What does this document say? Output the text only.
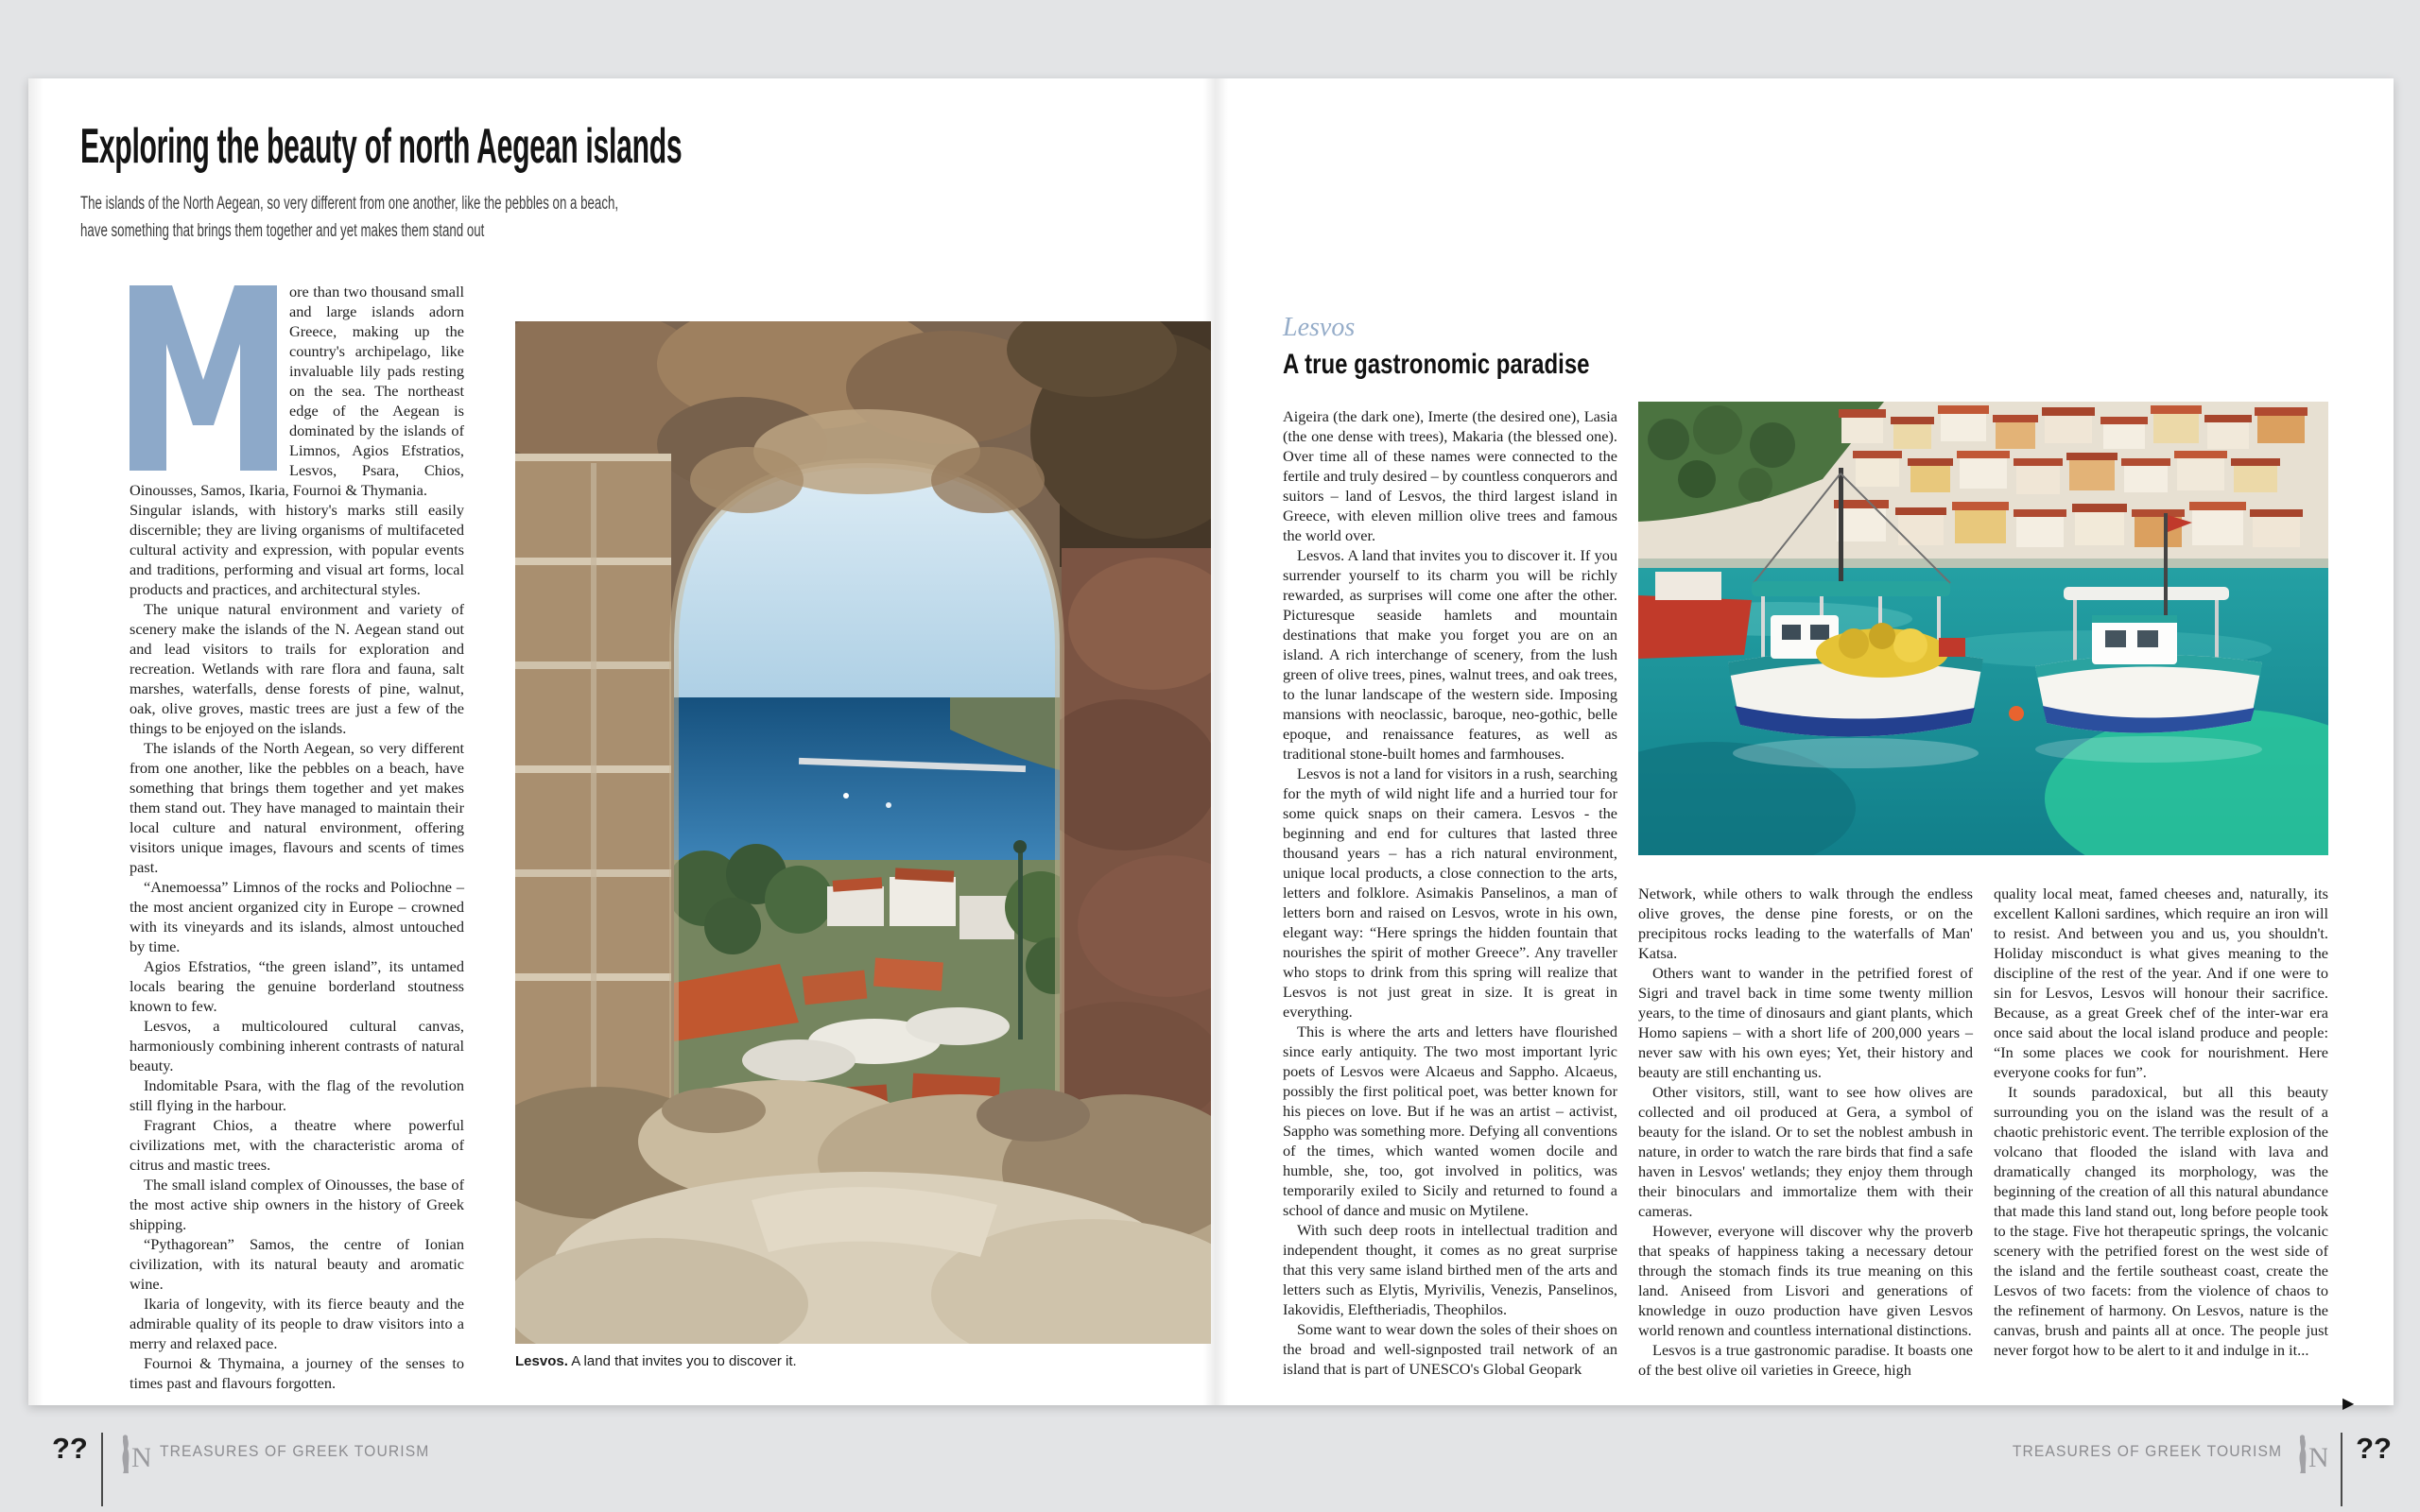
Exploring the beauty of north Aegean islands

The islands of the North Aegean, so very different from one another, like the pebbles on a beach,
have something that brings them together and yet makes them stand out

ore than two thousand small and large islands adorn Greece, making up the country's archipelago, like invaluable lily pads resting on the sea. The northeast edge of the Aegean is dominated by the islands of Limnos, Agios Efstratios, Lesvos, Psara, Chios, Oinousses, Samos, Ikaria, Fournoi & Thymania.

Singular islands, with history's marks still easily discernible; they are living organisms of multifaceted cultural activity and expression, with popular events and traditions, performing and visual art forms, local products and practices, and architectural styles.

The unique natural environment and variety of scenery make the islands of the N. Aegean stand out and lead visitors to trails for exploration and recreation. Wetlands with rare flora and fauna, salt marshes, waterfalls, dense forests of pine, walnut, oak, olive groves, mastic trees are just a few of the things to be enjoyed on the islands.

The islands of the North Aegean, so very different from one another, like the pebbles on a beach, have something that brings them together and yet makes them stand out. They have managed to maintain their local culture and natural environment, offering visitors unique images, flavours and scents of times past.

“Anemoessa” Limnos of the rocks and Poliochne – the most ancient organized city in Europe – crowned with its vineyards and its islands, almost untouched by time.

Agios Efstratios, “the green island”, its untamed locals bearing the genuine borderland stoutness known to few.

Lesvos, a multicoloured cultural canvas, harmoniously combining inherent contrasts of natural beauty.

Indomitable Psara, with the flag of the revolution still flying in the harbour.

Fragrant Chios, a theatre where powerful civilizations met, with the characteristic aroma of citrus and mastic trees.

The small island complex of Oinousses, the base of the most active ship owners in the history of Greek shipping.

“Pythagorean” Samos, the centre of Ionian civilization, with its natural beauty and aromatic wine.

Ikaria of longevity, with its fierce beauty and the admirable quality of its people to draw visitors into a merry and relaxed pace.

Fournoi & Thymaina, a journey of the senses to times past and flavours forgotten.

Lesvos. A land that invites you to discover it.

Lesvos

A true gastronomic paradise

Aigeira (the dark one), Imerte (the desired one), Lasia (the one dense with trees), Makaria (the blessed one). Over time all of these names were connected to the fertile and truly desired – by countless conquerors and suitors – land of Lesvos, the third largest island in Greece, with eleven million olive trees and famous the world over.

Lesvos. A land that invites you to discover it. If you surrender yourself to its charm you will be richly rewarded, as surprises will come one after the other. Picturesque seaside hamlets and mountain destinations that make you forget you are on an island. A rich interchange of scenery, from the lush green of olive trees, pines, walnut trees, and oak trees, to the lunar landscape of the western side. Imposing mansions with neoclassic, baroque, neo-gothic, belle epoque, and renaissance features, as well as traditional stone-built homes and farmhouses.

Lesvos is not a land for visitors in a rush, searching for the myth of wild night life and a hurried tour for some quick snaps on their camera. Lesvos - the beginning and end for cultures that lasted three thousand years – has a rich natural environment, unique local products, a close connection to the arts, letters and folklore. Asimakis Panselinos, a man of letters born and raised on Lesvos, wrote in his own, elegant way: “Here springs the hidden fountain that nourishes the spirit of mother Greece”. Any traveller who stops to drink from this spring will realize that Lesvos is not just great in size. It is great in everything.

This is where the arts and letters have flourished since early antiquity. The two most important lyric poets of Lesvos were Alcaeus and Sappho. Alcaeus, possibly the first political poet, was better known for his pieces on love. But if he was an artist – activist, Sappho was something more. Defying all conventions of the times, which wanted women docile and humble, she, too, got involved in politics, was temporarily exiled to Sicily and returned to found a school of dance and music on Mytilene.

With such deep roots in intellectual tradition and independent thought, it comes as no great surprise that this very same island birthed men of the arts and letters such as Elytis, Myrivilis, Venezis, Panselinos, Iakovidis, Eleftheriadis, Theophilos.

Some want to wear down the soles of their shoes on the broad and well-signposted trail network of an island that is part of UNESCO's Global Geopark

Network, while others to walk through the endless olive groves, the dense pine forests, or on the precipitous rocks leading to the waterfalls of Man' Katsa.

Others want to wander in the petrified forest of Sigri and travel back in time some twenty million years, to the time of dinosaurs and giant plants, which Homo sapiens – with a short life of 200,000 years – never saw with his own eyes; Yet, their history and beauty are still enchanting us.

Other visitors, still, want to see how olives are collected and oil produced at Gera, a symbol of beauty for the island. Or to set the noblest ambush in nature, in order to watch the rare birds that find a safe haven in Lesvos' wetlands; they enjoy them through their binoculars and immortalize them with their cameras.

However, everyone will discover why the proverb that speaks of happiness taking a necessary detour through the stomach finds its true meaning on this land. Aniseed from Lisvori and generations of knowledge in ouzo production have given Lesvos world renown and countless international distinctions.

Lesvos is a true gastronomic paradise. It boasts one of the best olive oil varieties in Greece, high

quality local meat, famed cheeses and, naturally, its excellent Kalloni sardines, which require an iron will to resist. And between you and us, you shouldn't. Holiday misconduct is what gives meaning to the discipline of the rest of the year. And if one were to sin for Lesvos, Lesvos will honour their sacrifice. Because, as a great Greek chef of the inter-war era once said about the local island produce and people: “In some places we cook for nourishment. Here everyone cooks for fun”.

It sounds paradoxical, but all this beauty surrounding you on the island was the result of a chaotic prehistoric event. The terrible explosion of the volcano that flooded the island with lava and dramatically changed its morphology, was the beginning of the creation of all this natural abundance that made this land stand out, long before people took to the stage. Five hot therapeutic springs, the volcanic scenery with the petrified forest on the west side of the island and the fertile southeast coast, create the Lesvos of two facets: from the violence of chaos to the refinement of harmony. On Lesvos, nature is the canvas, brush and paints all at once. The people just never forgot how to be alert to it and indulge in it...

▶
?? N TREASURES OF GREEK TOURISM	TREASURES OF GREEK TOURISM N ??
